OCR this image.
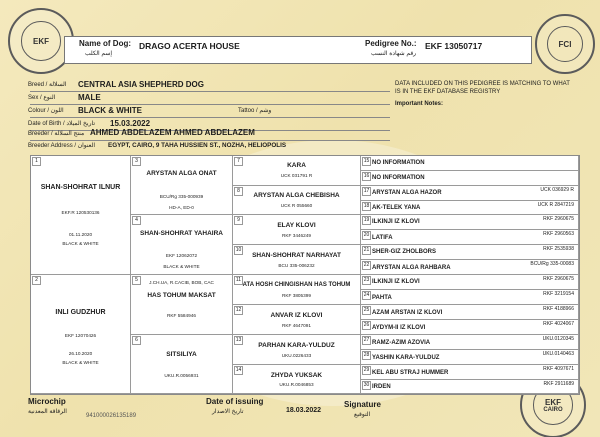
EKF	FCI
EKF
CAIRO
Name of Dog:
إسم الكلب
DRAGO ACERTA HOUSE	Pedigree No.:
رقم شهادة النسب
EKF 13050717
Breed / السلالة CENTRAL ASIA SHEPHERD DOG
Sex / النوع	MALE
Colour / اللون BLACK & WHITE	Tattoo / وشم
Date of Birth / تاريخ الميلاد 15.03.2022
Breeder / منتج السلالة AHMED ABDELAZEM AHMED ABDELAZEM
Breeder Address / العنوان EGYPT, CAIRO, 9 TAHA HUSSIEN ST., NOZHA, HELIOPOLIS
DATA INCLUDED ON THIS PEDIGREE IS MATCHING TO WHAT
IS IN THE EKF DATABASE REGISTRY
Important Notes:
1
SHAN-SHOHRAT ILNUR
EKF.R 120530136
01.11.2020
BLACK & WHITE
2
INLI GUDZHUR
EKF 12070426
26.10.2020
BLACK & WHITE
3
ARYSTAN ALGA ONAT
BCU/Rg 335-000939
HD-A, ED-0
4
SHAN-SHOHRAT YAHAIRA
EKF 12062072
BLACK & WHITE
5	J.CH.UA, R.CACIB, BOB, CAC
HAS TOHUM MAKSAT
RKF 5584946
6
SITSILIYA
UKU.R.0056931
7
KARA
UCK 031791 R
8
ARYSTAN ALGA CHEBISHA
UCK R 055660
9
ELAY KLOVI
RKF 3446249
10
SHAN-SHOHRAT NARHAYAT
BCU 335-006232
11
ATA HOSH CHINGISHAN HAS TOHUM
RKF 3805399
12
ANVAR IZ KLOVI
RKF 4647091
13
PARHAN KARA-YULDUZ
UKU.0226433
14
ZHYDA YUKSAK
UKU.R.0046853
15 NO INFORMATION
16 NO INFORMATION
17 ARYSTAN ALGA HAZOR	UCK 036929 R
18 AK-TELEK YANA	UCK R 2847219
19 ILKINJI IZ KLOVI	RKF 2960675
20 LATIFA
RKF 2960563
21 SHER-GIZ ZHOLBORS	RKF 2535938
22 ARYSTAN ALGA RAHBARA
BCU/Rg 335-00083
23 ILKINJI IZ KLOVI	RKF 2960675
24 PAHTA
RKF 3219154
25 AZAM ARSTAN IZ KLOVI
RKF 4188966
26 AYDYM-II IZ KLOVI
RKF 4024067
27 RAMZ-AZIM AZOVIA
UKU.0120345
28 YASHIN KARA-YULDUZ
UKU.0140463
29 KEL ABU STRAJ HUMMER
RKF 4097671
30 IRDEN	RKF 2911689
Microchip
الرقاقة المعدنية
941000026135189
Date of issuing
تاريخ الاصدار	18.03.2022
Signature
التوقيع
